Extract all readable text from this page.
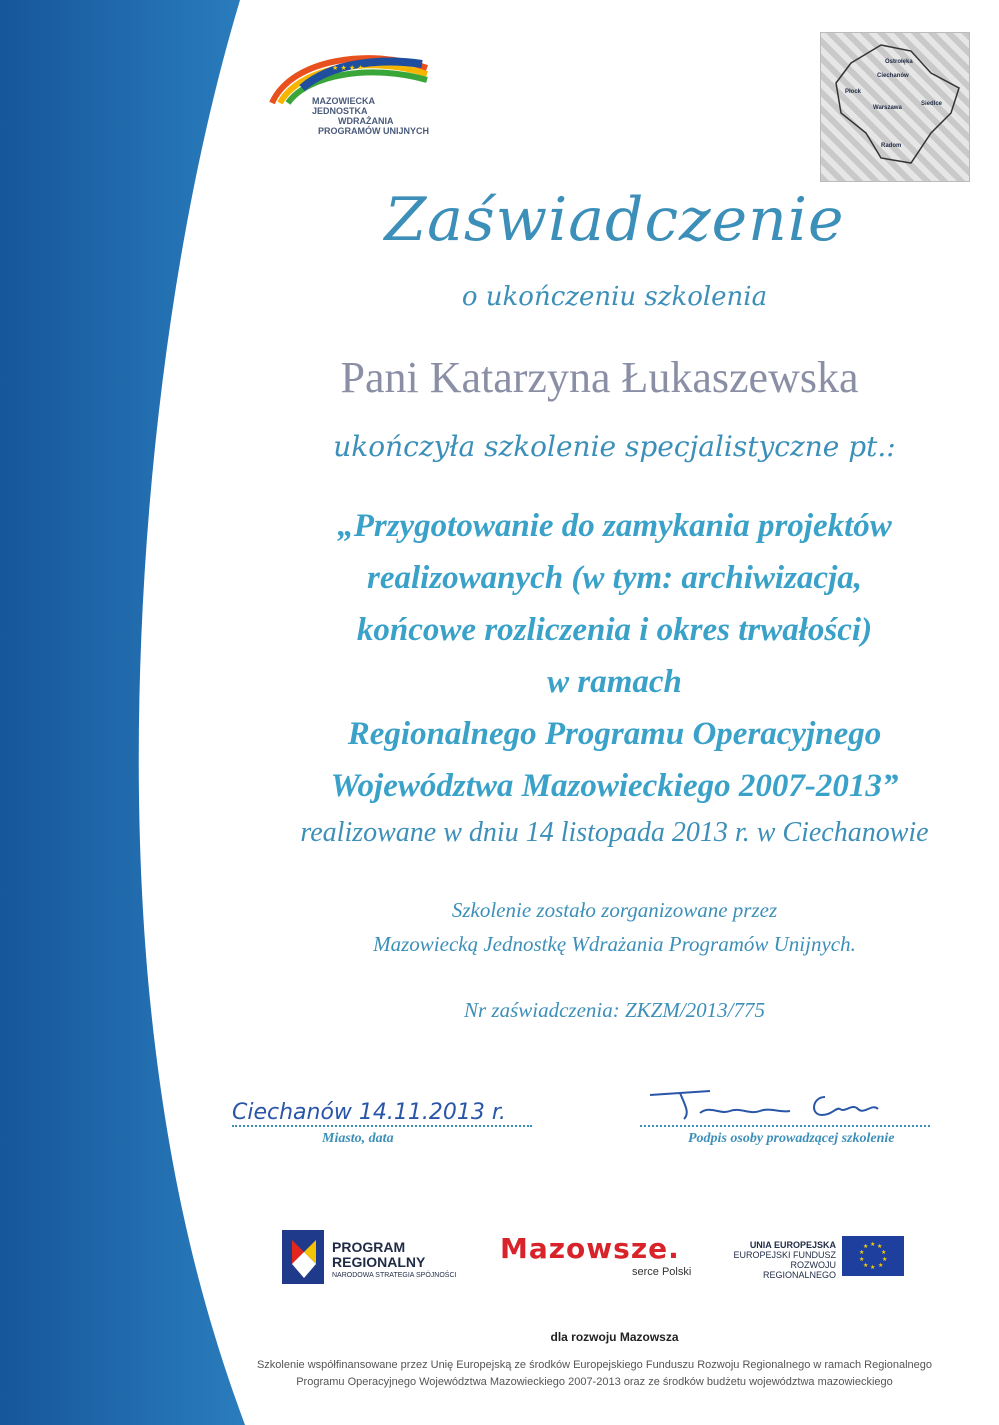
★ ★ ★ ★
MAZOWIECKA JEDNOSTKA
WDRAŻANIA
PROGRAMÓW UNIJNYCH
Ostrołęka
Ciechanów
Płock
Warszawa
Siedlce
Radom
Zaświadczenie
o ukończeniu szkolenia
Pani Katarzyna Łukaszewska
ukończyła szkolenie specjalistyczne pt.:
„Przygotowanie do zamykania projektów
realizowanych (w tym: archiwizacja,
końcowe rozliczenia i okres trwałości)
w ramach
Regionalnego Programu Operacyjnego
Województwa Mazowieckiego 2007-2013”
realizowane w dniu 14 listopada 2013 r. w Ciechanowie
Szkolenie zostało zorganizowane przez
Mazowiecką Jednostkę Wdrażania Programów Unijnych.
Nr zaświadczenia: ZKZM/2013/775
Ciechanów 14.11.2013 r.
Miasto, data	Podpis osoby prowadzącej szkolenie
PROGRAM
REGIONALNY
NARODOWA STRATEGIA SPÓJNOŚCI
Mazowsze.
serce Polski
UNIA EUROPEJSKA
EUROPEJSKI FUNDUSZ
ROZWOJU REGIONALNEGO
★ ★
★
★
★
★
★
★
★
★
dla rozwoju Mazowsza
Szkolenie współfinansowane przez Unię Europejską ze środków Europejskiego Funduszu Rozwoju Regionalnego w ramach Regionalnego
Programu Operacyjnego Województwa Mazowieckiego 2007-2013 oraz ze środków budżetu województwa mazowieckiego
